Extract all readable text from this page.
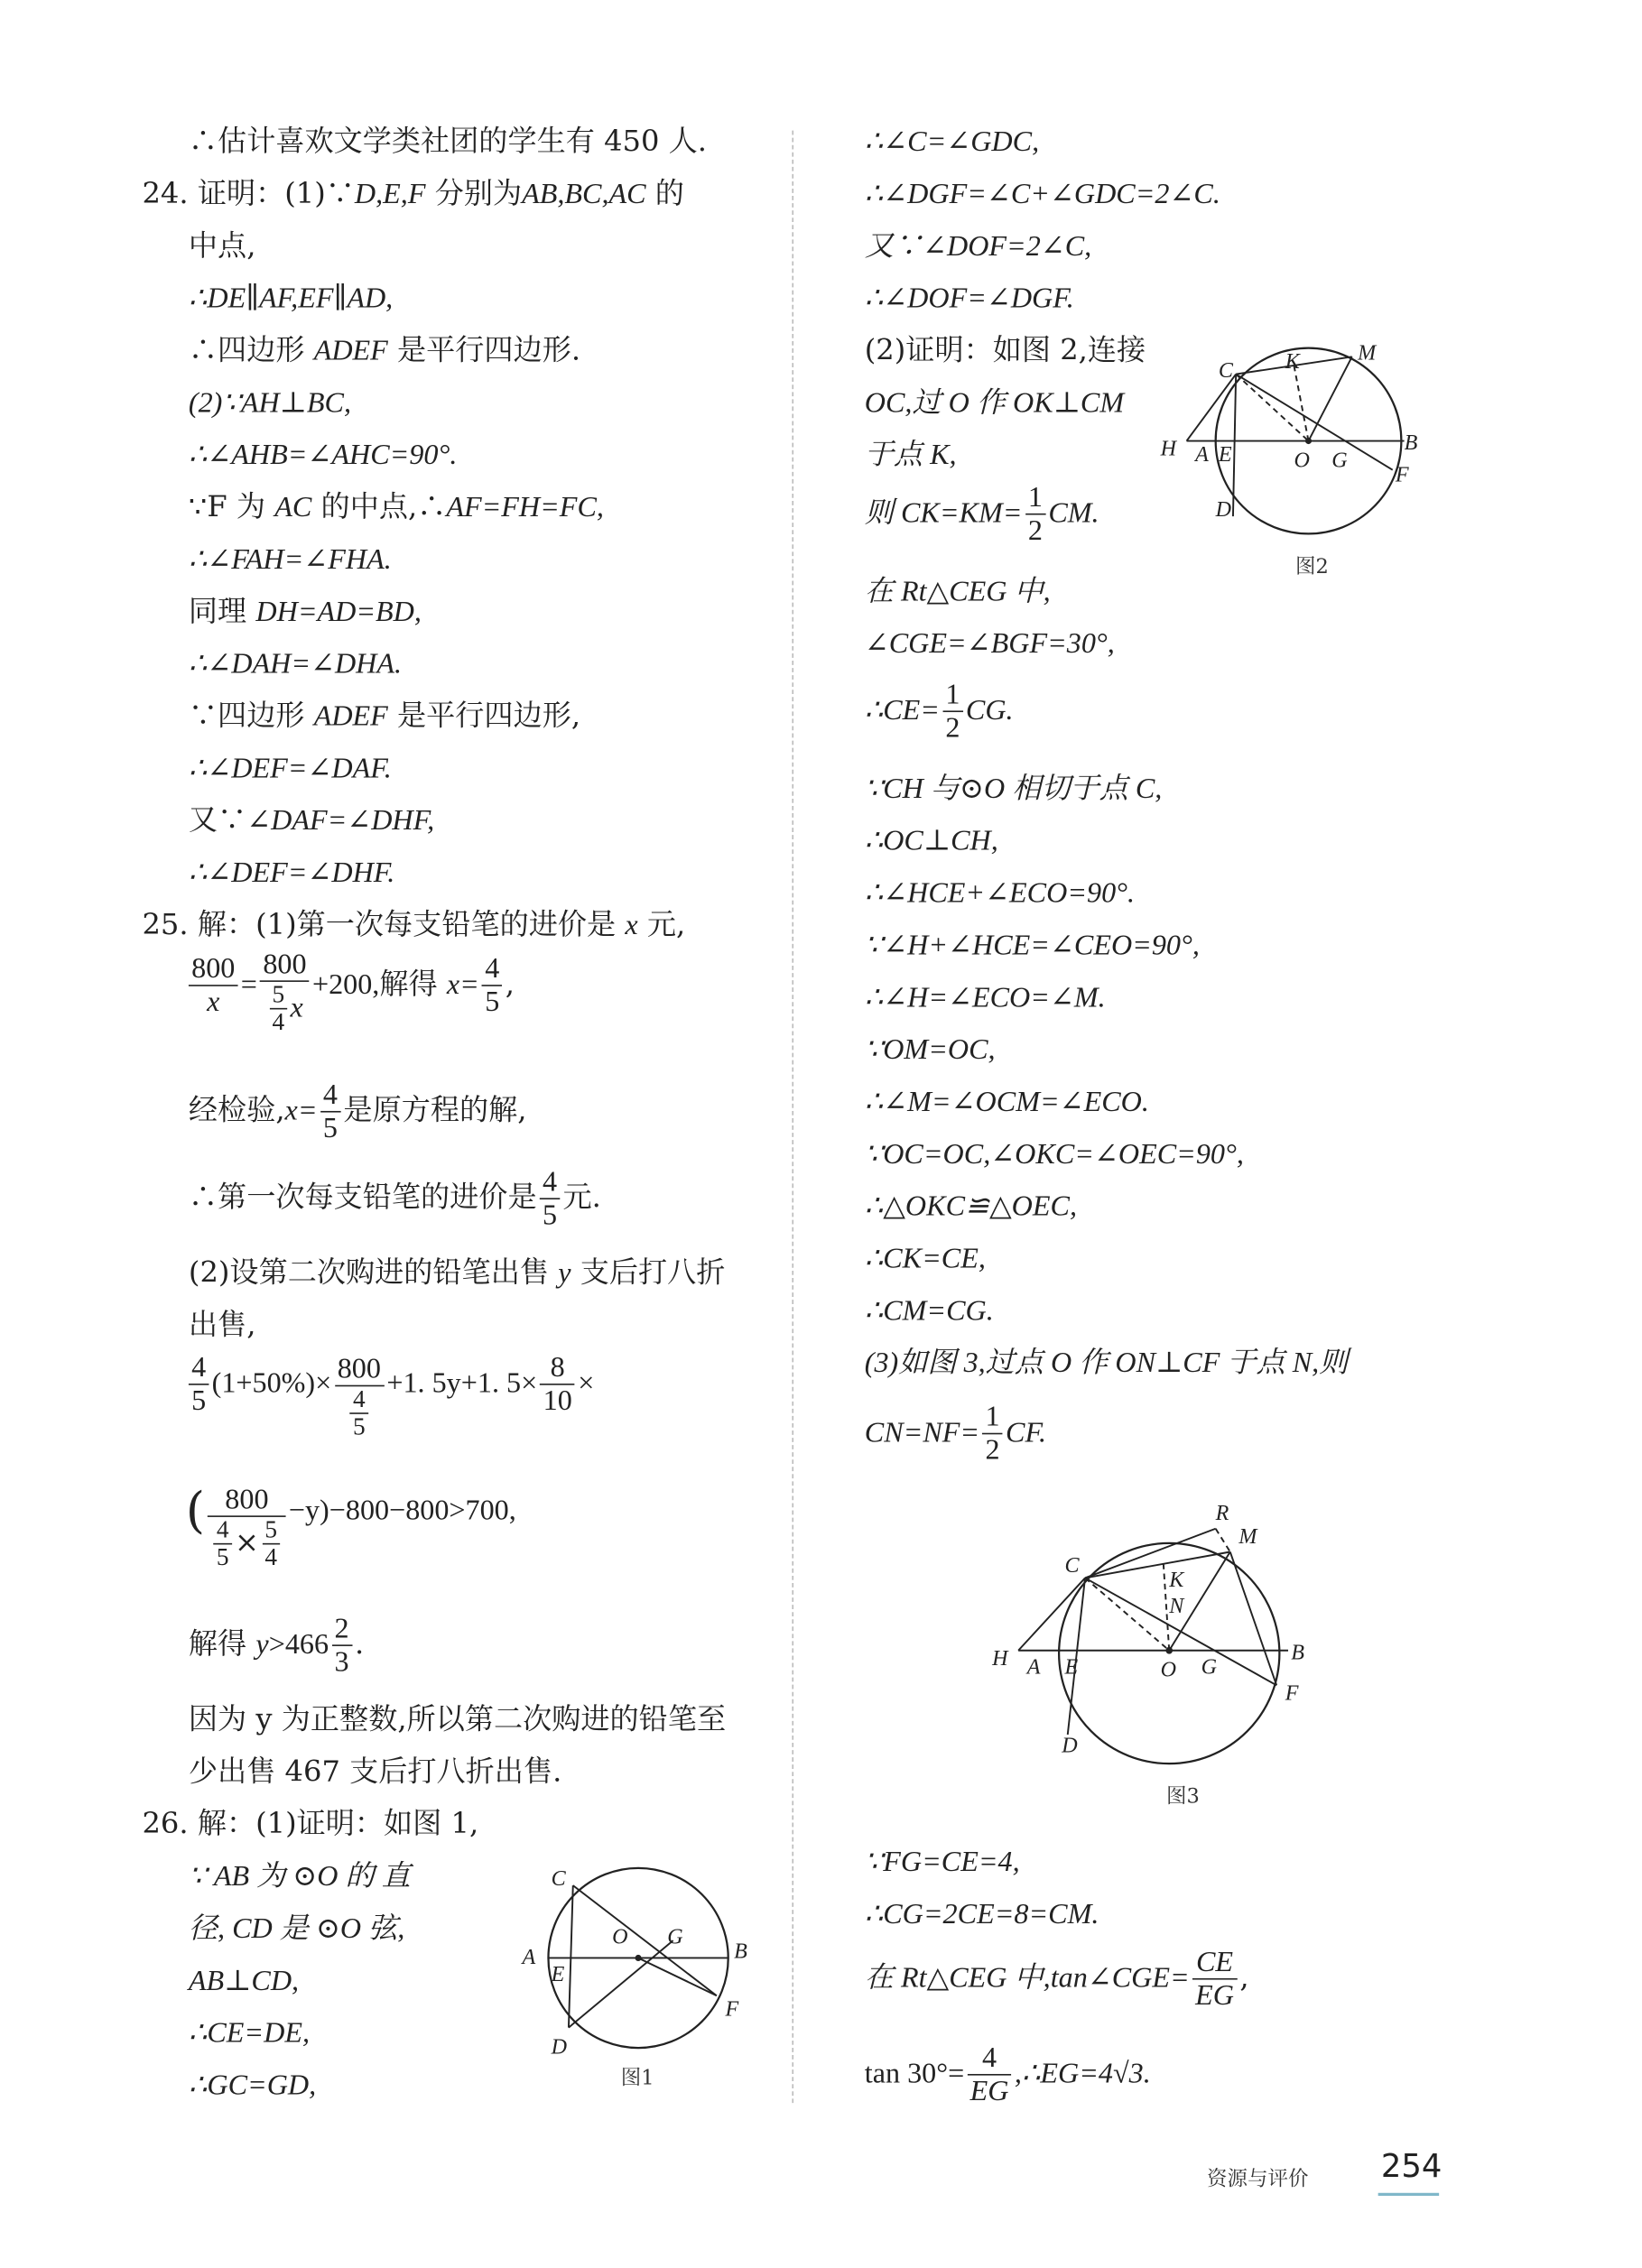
∴估计喜欢文学类社团的学生有 450 人.
24. 证明：(1)∵D,E,F 分别为AB,BC,AC 的
中点,
∴DE∥AF,EF∥AD,
∴四边形 ADEF 是平行四边形.
(2)∵AH⊥BC,
∴∠AHB=∠AHC=90°.
∵F 为 AC 的中点,∴AF=FH=FC,
∴∠FAH=∠FHA.
同理 DH=AD=BD,
∴∠DAH=∠DHA.
∵四边形 ADEF 是平行四边形,
∴∠DEF=∠DAF.
又∵∠DAF=∠DHF,
∴∠DEF=∠DHF.
25. 解：(1)第一次每支铅笔的进价是 x 元,
$\frac{800}{x} = \frac{800}{\frac{5}{4} x} +200$,解得 $x= \frac{4}{5}$ ,
经检验$,x= \frac{4}{5}$ 是原方程的解,
∴第一次每支铅笔的进价是 $\frac{4}{5}$ 元.
(2)设第二次购进的铅笔出售 y 支后打八折
出售,
$\frac{4}{5} (1+50\%)\times \frac{800}{\frac{4}{5}} +1$. 5y+1. $5\times \frac{8}{10}$ ×
( $\frac{800}{\frac{4}{5} \times \frac{5}{4}} -y)-800-800>700$,
解得 $y>466 \frac{2}{3}$ .
因为 y 为正整数,所以第二次购进的铅笔至
少出售 467 支后打八折出售.
26. 解：(1)证明：如图 1,
∵ AB 为 ⊙O 的 直
径, CD 是 ⊙O 弦,
AB⊥CD,
∴CE=DE,
∴GC=GD,
C
O	G
B
A
E
F
D
图1
∴∠C=∠GDC,
∴∠DGF=∠C+∠GDC=2∠C.
又∵∠DOF=2∠C,
∴∠DOF=∠DGF.
(2)证明：如图 2,连接
OC,过 O 作 OK⊥CM
于点 K,
则 $CK=KM= \frac{1}{2}$ CM.
在 Rt△CEG 中,
∠CGE=∠BGF=30°,
∴CE= $\frac{1}{2}$ CG.
∵CH 与⊙O 相切于点 C,
∴OC⊥CH,
∴∠HCE+∠ECO=90°.
∵∠H+∠HCE=∠CEO=90°,
∴∠H=∠ECO=∠M.
∵OM=OC,
∴∠M=∠OCM=∠ECO.
∵OC=OC,∠OKC=∠OEC=90°,
∴△OKC≌△OEC,
∴CK=CE,
∴CM=CG.
(3)如图 3,过点 O 作 ON⊥CF 于点 N,则
$CN=NF= \frac{1}{2}$ CF.
C	K	M
H A E	O G
B
F
D
图2
R
M
C
K
N
H A E	O G
B
F
D
图3
∵FG=CE=4,
∴CG=2CE=8=CM.
在 Rt△CEG 中,tan∠CGE= $\frac{CE}{EG}$ ,
$\tan 30^\circ= \frac{4}{EG}$ ,∴EG=4√3.
资源与评价	254
